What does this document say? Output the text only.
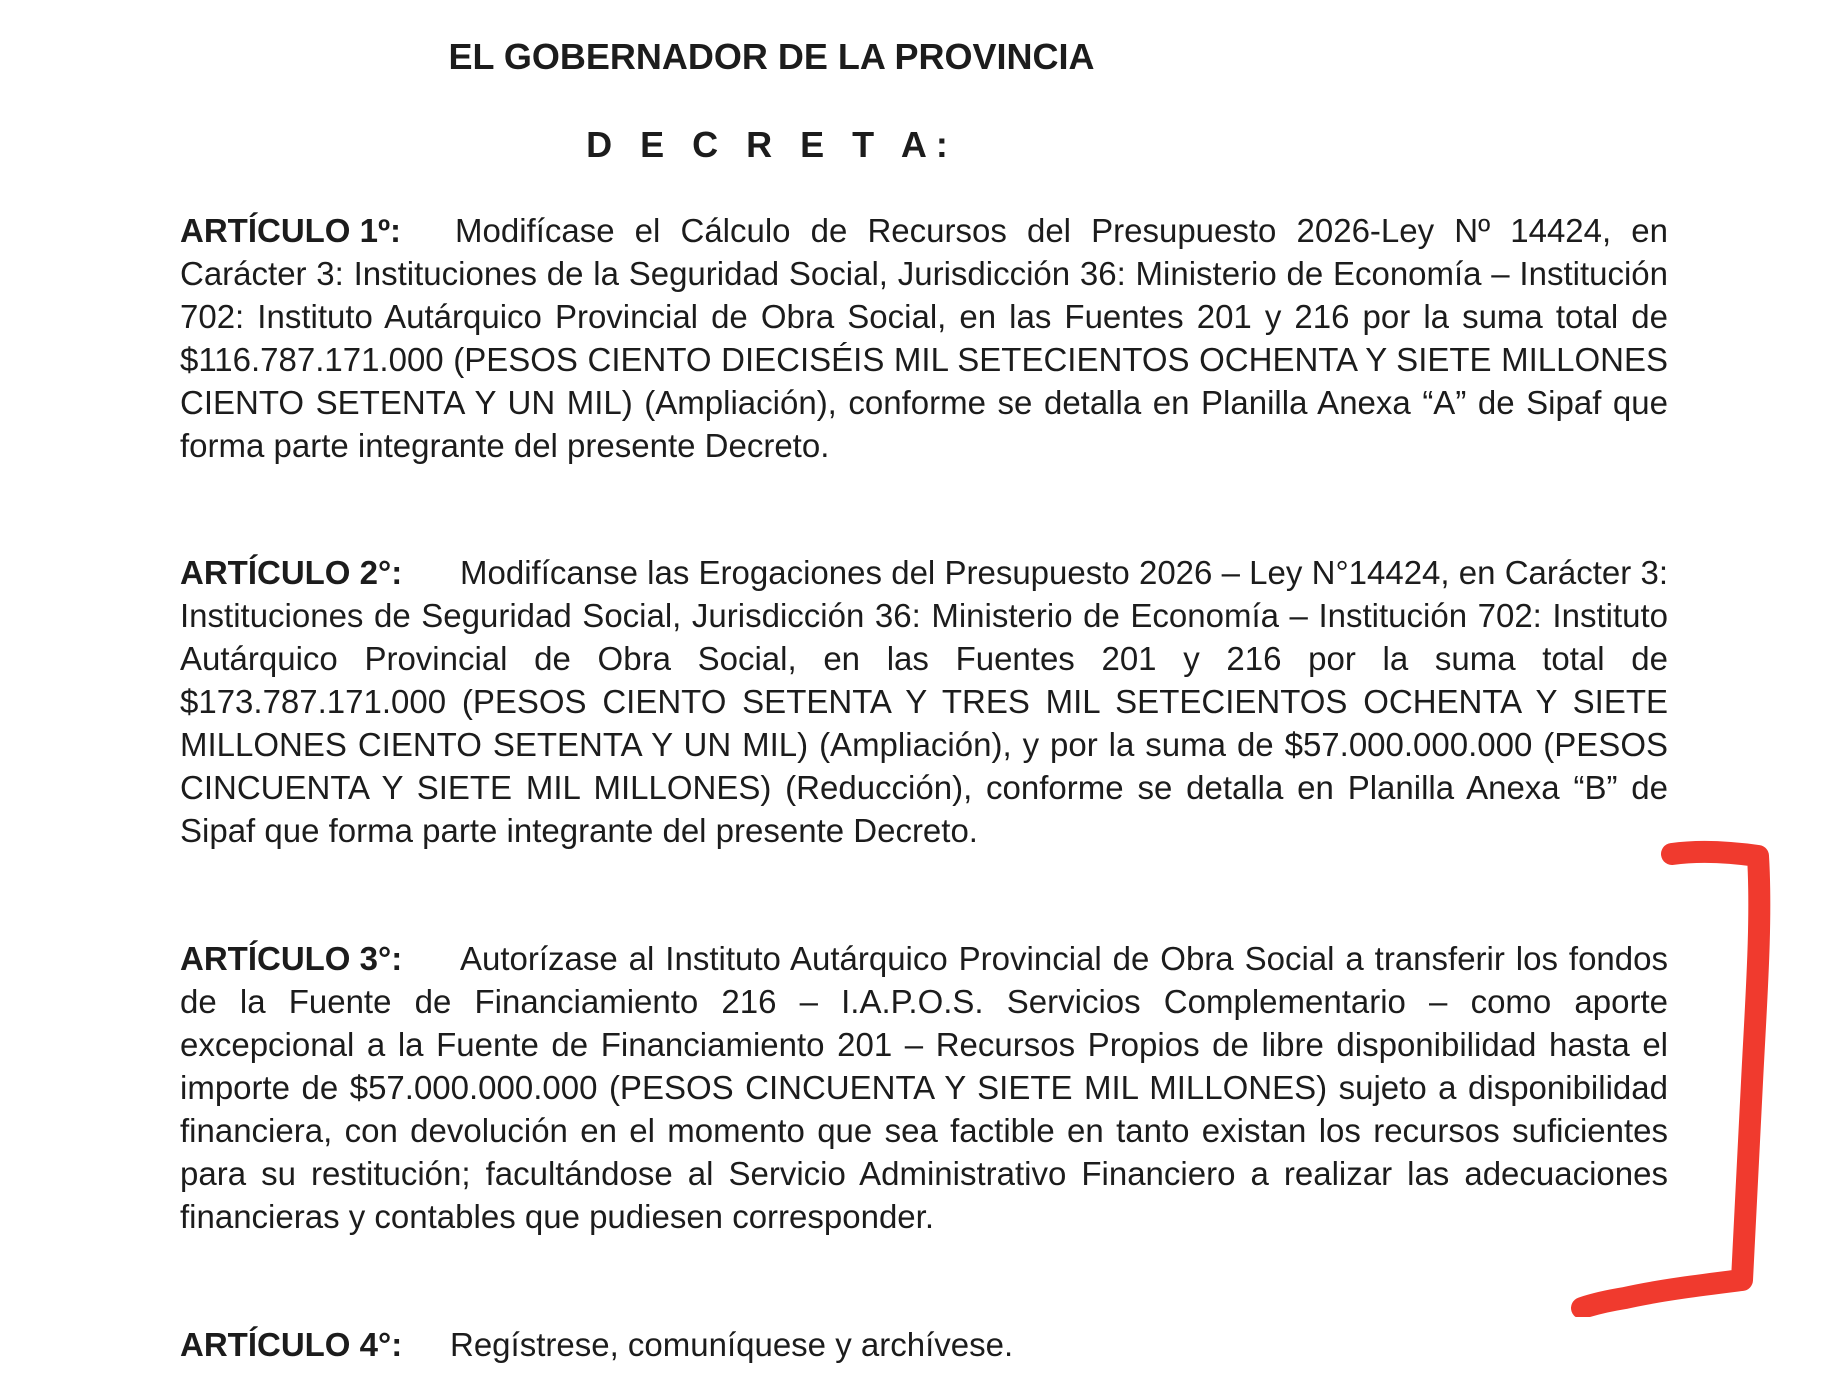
EL GOBERNADOR DE LA PROVINCIA
D E C R E T A:

ARTÍCULO 1º: Modifícase el Cálculo de Recursos del Presupuesto 2026-Ley Nº 14424, en Carácter 3: Instituciones de la Seguridad Social, Jurisdicción 36: Ministerio de Economía – Institución 702: Instituto Autárquico Provincial de Obra Social, en las Fuentes 201 y 216 por la suma total de $116.787.171.000 (PESOS CIENTO DIECISÉIS MIL SETECIENTOS OCHENTA Y SIETE MILLONES CIENTO SETENTA Y UN MIL) (Ampliación), conforme se detalla en Planilla Anexa “A” de Sipaf que forma parte integrante del presente Decreto.

ARTÍCULO 2°: Modifícanse las Erogaciones del Presupuesto 2026 – Ley N°14424, en Carácter 3: Instituciones de Seguridad Social, Jurisdicción 36: Ministerio de Economía – Institución 702: Instituto Autárquico Provincial de Obra Social, en las Fuentes 201 y 216 por la suma total de $173.787.171.000 (PESOS CIENTO SETENTA Y TRES MIL SETECIENTOS OCHENTA Y SIETE MILLONES CIENTO SETENTA Y UN MIL) (Ampliación), y por la suma de $57.000.000.000 (PESOS CINCUENTA Y SIETE MIL MILLONES) (Reducción), conforme se detalla en Planilla Anexa “B” de Sipaf que forma parte integrante del presente Decreto.

ARTÍCULO 3°: Autorízase al Instituto Autárquico Provincial de Obra Social a transferir los fondos de la Fuente de Financiamiento 216 – I.A.P.O.S. Servicios Complementario – como aporte excepcional a la Fuente de Financiamiento 201 – Recursos Propios de libre disponibilidad hasta el importe de $57.000.000.000 (PESOS CINCUENTA Y SIETE MIL MILLONES) sujeto a disponibilidad financiera, con devolución en el momento que sea factible en tanto existan los recursos suficientes para su restitución; facultándose al Servicio Administrativo Financiero a realizar las adecuaciones financieras y contables que pudiesen corresponder.

ARTÍCULO 4°: Regístrese, comuníquese y archívese.
